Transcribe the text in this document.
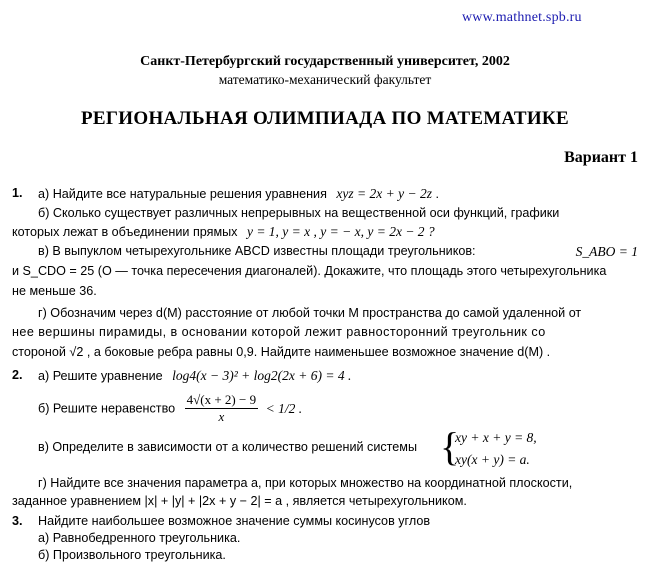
www.mathnet.spb.ru
Санкт-Петербургский государственный университет, 2002
математико-механический факультет
РЕГИОНАЛЬНАЯ ОЛИМПИАДА ПО МАТЕМАТИКЕ
Вариант 1
1. а) Найдите все натуральные решения уравнения xyz = 2x + y − 2z .
б) Сколько существует различных непрерывных на вещественной оси функций, графики
которых лежат в объединении прямых y = 1, y = x , y = − x, y = 2x − 2 ?
в) В выпуклом четырехугольнике ABCD известны площади треугольников:	S_ABO = 1
и S_CDO = 25 (O — точка пересечения диагоналей). Докажите, что площадь этого четырехугольника
не меньше 36.
г) Обозначим через d(M) расстояние от любой точки M пространства до самой удаленной от
нее вершины пирамиды, в основании которой лежит равносторонний треугольник со
стороной √2 , а боковые ребра равны 0,9. Найдите наименьшее возможное значение d(M) .
2. а) Решите уравнение log4(x − 3)² + log2(2x + 6) = 4 .
б) Решите неравенство $\frac{4√(x + 2) - 9}{x} < 1/2$ .
в) Определите в зависимости от a количество решений системы {
xy + x + y = 8,
xy(x + y) = a.
г) Найдите все значения параметра a, при которых множество на координатной плоскости,
заданное уравнением |x| + |y| + |2x + y − 2| = a , является четырехугольником.
3. Найдите наибольшее возможное значение суммы косинусов углов
а) Равнобедренного треугольника.
б) Произвольного треугольника.
